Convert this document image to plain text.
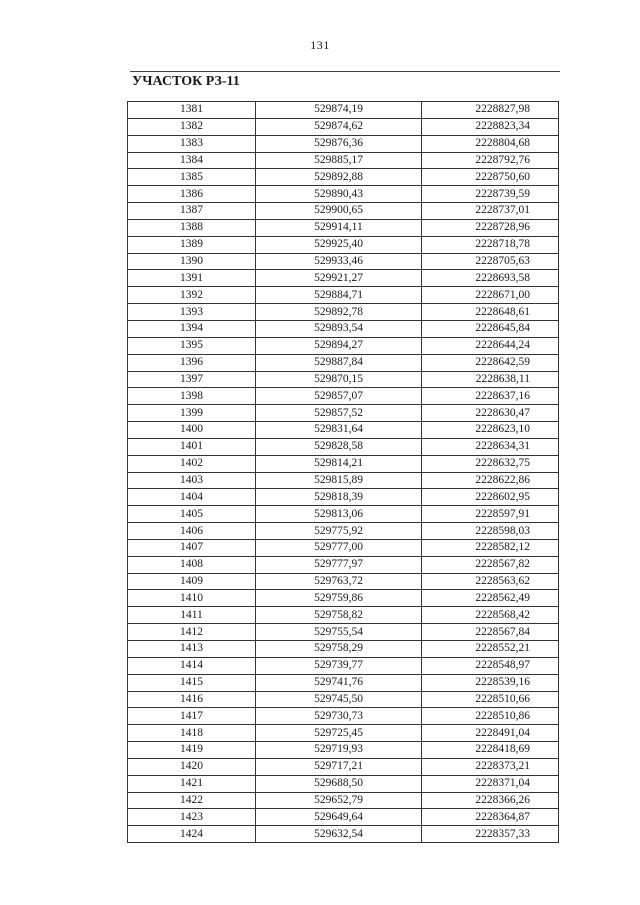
131
УЧАСТОК РЗ-11
1381	529874,19	2228827,98
1382	529874,62	2228823,34
1383	529876,36	2228804,68
1384	529885,17	2228792,76
1385	529892,88	2228750,60
1386	529890,43	2228739,59
1387	529900,65	2228737,01
1388	529914,11	2228728,96
1389	529925,40	2228718,78
1390	529933,46	2228705,63
1391	529921,27	2228693,58
1392	529884,71	2228671,00
1393	529892,78	2228648,61
1394	529893,54	2228645,84
1395	529894,27	2228644,24
1396	529887,84	2228642,59
1397	529870,15	2228638,11
1398	529857,07	2228637,16
1399	529857,52	2228630,47
1400	529831,64	2228623,10
1401	529828,58	2228634,31
1402	529814,21	2228632,75
1403	529815,89	2228622,86
1404	529818,39	2228602,95
1405	529813,06	2228597,91
1406	529775,92	2228598,03
1407	529777,00	2228582,12
1408	529777,97	2228567,82
1409	529763,72	2228563,62
1410	529759,86	2228562,49
1411	529758,82	2228568,42
1412	529755,54	2228567,84
1413	529758,29	2228552,21
1414	529739,77	2228548,97
1415	529741,76	2228539,16
1416	529745,50	2228510,66
1417	529730,73	2228510,86
1418	529725,45	2228491,04
1419	529719,93	2228418,69
1420	529717,21	2228373,21
1421	529688,50	2228371,04
1422	529652,79	2228366,26
1423	529649,64	2228364,87
1424	529632,54	2228357,33
